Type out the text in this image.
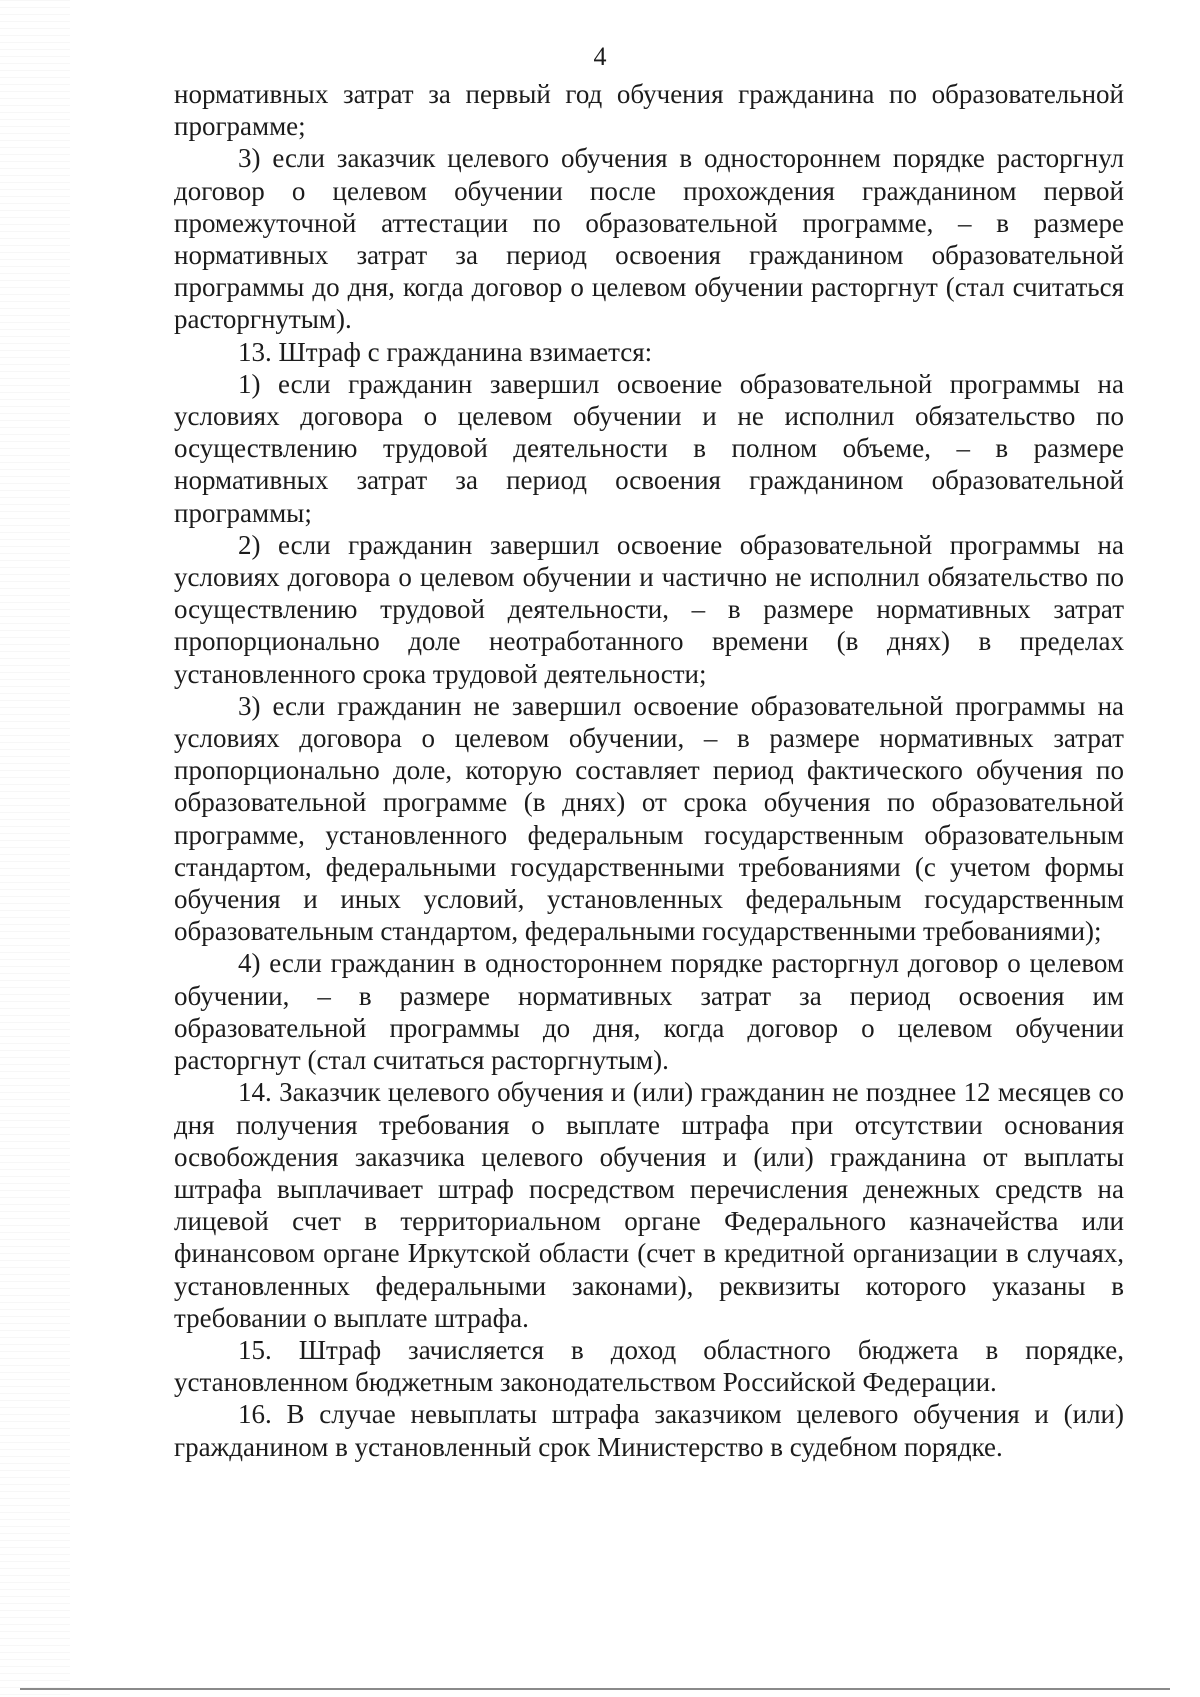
4

нормативных затрат за первый год обучения гражданина по образовательной программе;

3) если заказчик целевого обучения в одностороннем порядке расторгнул договор о целевом обучении после прохождения гражданином первой промежуточной аттестации по образовательной программе, – в размере нормативных затрат за период освоения гражданином образовательной программы до дня, когда договор о целевом обучении расторгнут (стал считаться расторгнутым).

13. Штраф с гражданина взимается:

1) если гражданин завершил освоение образовательной программы на условиях договора о целевом обучении и не исполнил обязательство по осуществлению трудовой деятельности в полном объеме, – в размере нормативных затрат за период освоения гражданином образовательной программы;

2) если гражданин завершил освоение образовательной программы на условиях договора о целевом обучении и частично не исполнил обязательство по осуществлению трудовой деятельности, – в размере нормативных затрат пропорционально доле неотработанного времени (в днях) в пределах установленного срока трудовой деятельности;

3) если гражданин не завершил освоение образовательной программы на условиях договора о целевом обучении, – в размере нормативных затрат пропорционально доле, которую составляет период фактического обучения по образовательной программе (в днях) от срока обучения по образовательной программе, установленного федеральным государственным образовательным стандартом, федеральными государственными требованиями (с учетом формы обучения и иных условий, установленных федеральным государственным образовательным стандартом, федеральными государственными требованиями);

4) если гражданин в одностороннем порядке расторгнул договор о целевом обучении, – в размере нормативных затрат за период освоения им образовательной программы до дня, когда договор о целевом обучении расторгнут (стал считаться расторгнутым).

14. Заказчик целевого обучения и (или) гражданин не позднее 12 месяцев со дня получения требования о выплате штрафа при отсутствии основания освобождения заказчика целевого обучения и (или) гражданина от выплаты штрафа выплачивает штраф посредством перечисления денежных средств на лицевой счет в территориальном органе Федерального казначейства или финансовом органе Иркутской области (счет в кредитной организации в случаях, установленных федеральными законами), реквизиты которого указаны в требовании о выплате штрафа.

15. Штраф зачисляется в доход областного бюджета в порядке, установленном бюджетным законодательством Российской Федерации.

16. В случае невыплаты штрафа заказчиком целевого обучения и (или) гражданином в установленный срок Министерство в судебном порядке.
